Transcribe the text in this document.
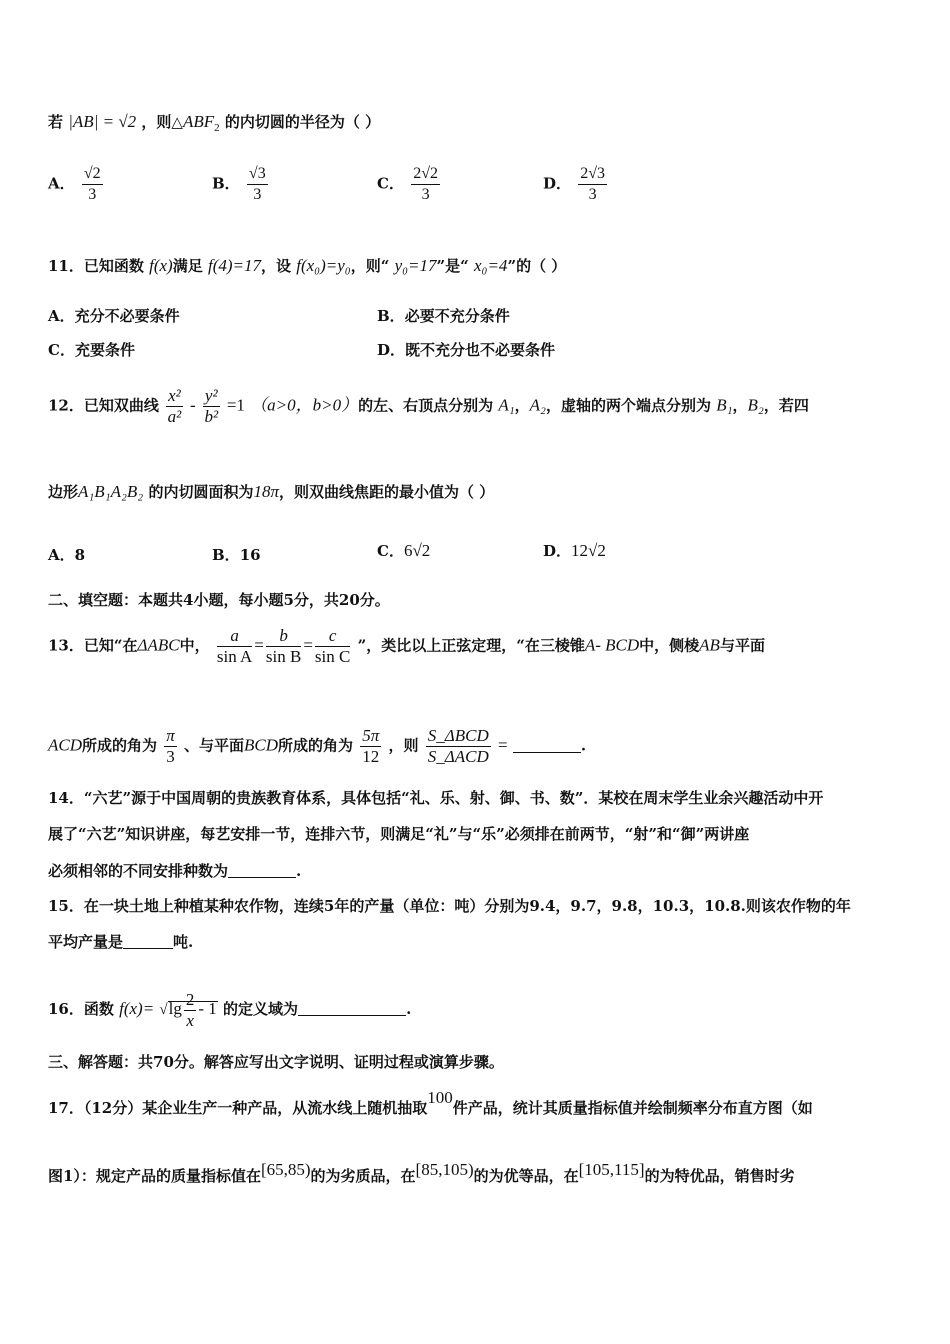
若 |AB| = √2 ，则$\triangle ABF_2$ 的内切圆的半径为（ ）
A． $\frac{√2}{3}$	B． $\frac{√3}{3}$	C． $\frac{2√2}{3}$	D． $\frac{2√3}{3}$
11．已知函数 f(x)满足 f(4)=17，设 f(x₀)=y₀，则“ y₀=17”是“ x₀=4”的（ ）
A．充分不必要条件	B．必要不充分条件
C．充要条件	D．既不充分也不必要条件
12．已知双曲线 $\frac{\text{x²}}{\text{a²}} - \frac{\text{y²}}{\text{b²}} =1$ （a>0，b>0）的左、右顶点分别为 A₁，A₂，虚轴的两个端点分别为 B₁，B₂，若四
边形A₁B₁A₂B₂ 的内切圆面积为18π，则双曲线焦距的最小值为（ ）
A．8	B．16	C．6√2	D．12√2
二、填空题：本题共4小题，每小题5分，共20分。
13．已知“在ΔABC中， $\frac{a}{\text{sin A}} = \frac{b}{\text{sin B}} = \frac{c}{\text{sin C}}$ ”，类比以上正弦定理，“在三棱锥A- BCD中，侧棱AB与平面
ACD所成的角为 $\frac{\pi}{3}$ 、与平面BCD所成的角为 $\frac{5\pi}{12}$ ，则 $\frac{\text{S\_ΔBCD}}{\text{S\_ΔACD}}$ =	.
14．“六艺”源于中国周朝的贵族教育体系，具体包括“礼、乐、射、御、书、数”．某校在周末学生业余兴趣活动中开
展了“六艺”知识讲座，每艺安排一节，连排六节，则满足“礼”与“乐”必须排在前两节，“射”和“御”两讲座
必须相邻的不同安排种数为	.
15．在一块土地上种植某种农作物，连续5年的产量（单位：吨）分别为9.4，9.7，9.8，10.3，10.8.则该农作物的年
平均产量是	吨.
16．函数 $f(x)= √\lg \frac{2}{x} - 1$ 的定义域为	.
三、解答题：共70分。解答应写出文字说明、证明过程或演算步骤。
17．（12分）某企业生产一种产品，从流水线上随机抽取100件产品，统计其质量指标值并绘制频率分布直方图（如
图1）：规定产品的质量指标值在[65,85)的为劣质品，在[85,105)的为优等品，在[105,115]的为特优品，销售时劣
